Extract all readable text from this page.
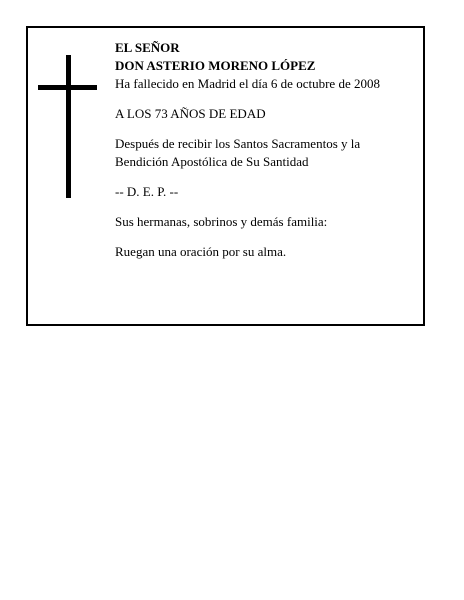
EL SEÑOR

DON ASTERIO MORENO LÓPEZ

Ha fallecido en Madrid el día 6 de octubre de 2008

A LOS 73 AÑOS DE EDAD

Después de recibir los Santos Sacramentos y la

Bendición Apostólica de Su Santidad

-- D. E. P. --

Sus hermanas, sobrinos y demás familia:

Ruegan una oración por su alma.
